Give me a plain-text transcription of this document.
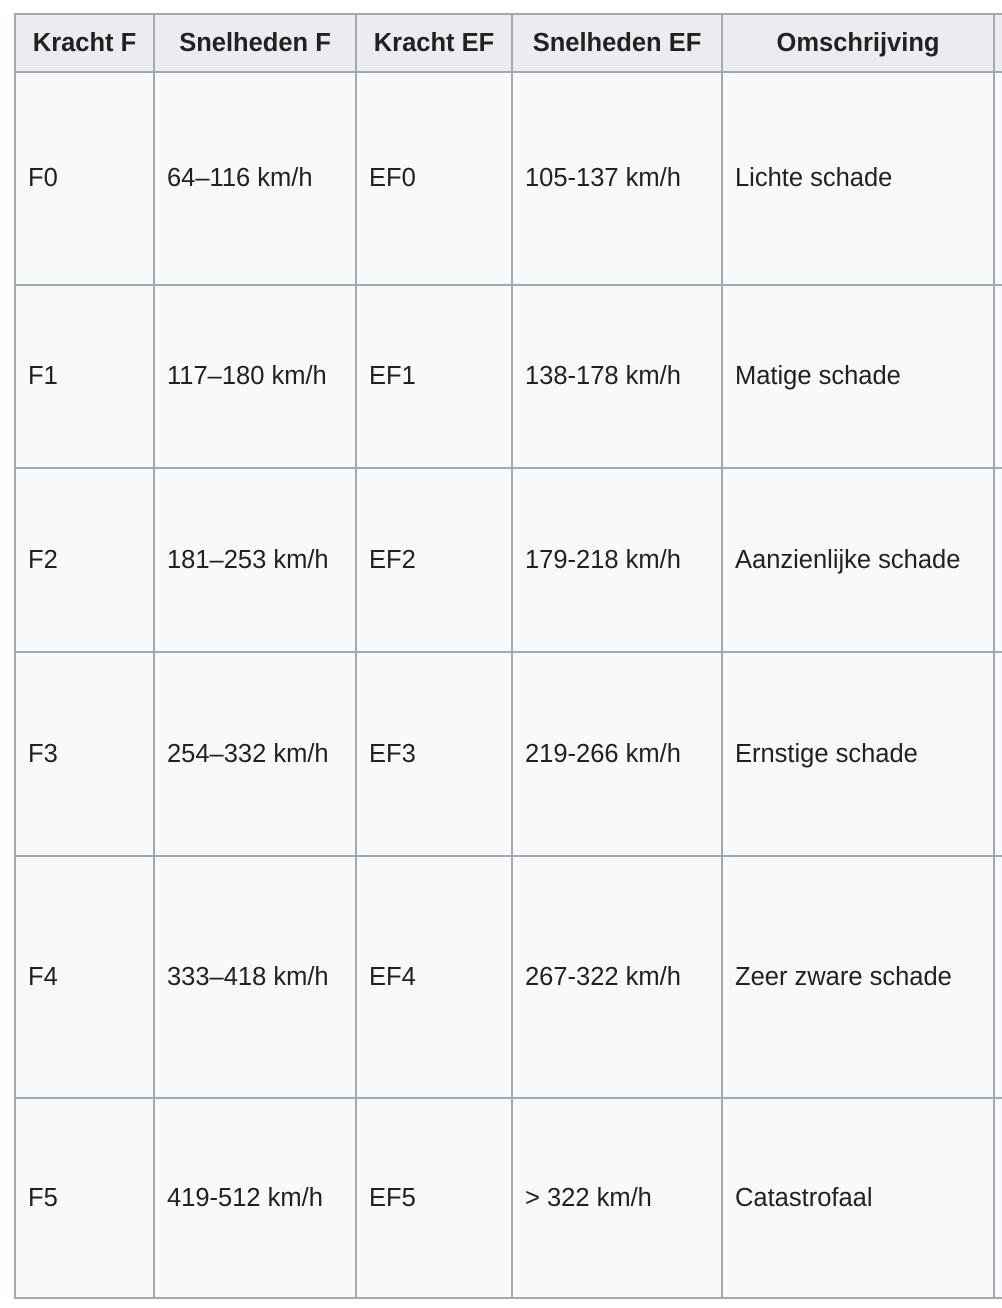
Kracht F	Snelheden F	Kracht EF	Snelheden EF	Omschrijving	
F0	64–116 km/h	EF0	105-137 km/h	Lichte schade	
F1	117–180 km/h	EF1	138-178 km/h	Matige schade	
F2	181–253 km/h	EF2	179-218 km/h	Aanzienlijke schade	
F3	254–332 km/h	EF3	219-266 km/h	Ernstige schade	
F4	333–418 km/h	EF4	267-322 km/h	Zeer zware schade	
F5	419-512 km/h	EF5	> 322 km/h	Catastrofaal	
